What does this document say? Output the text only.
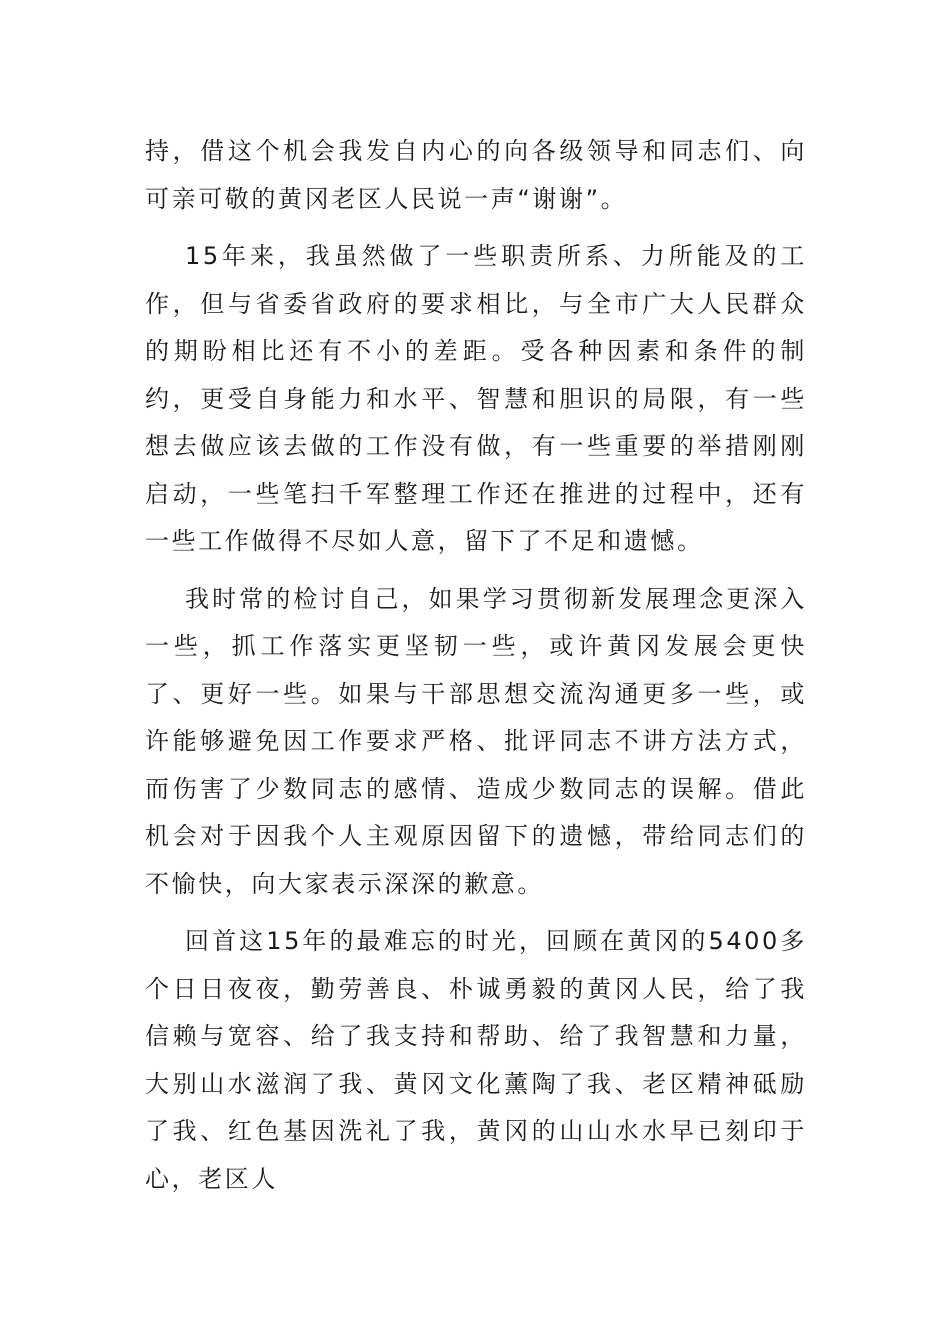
持，借这个机会我发自内心的向各级领导和同志们、向可亲可敬的黄冈老区人民说一声“谢谢”。

15年来，我虽然做了一些职责所系、力所能及的工作，但与省委省政府的要求相比，与全市广大人民群众的期盼相比还有不小的差距。受各种因素和条件的制约，更受自身能力和水平、智慧和胆识的局限，有一些想去做应该去做的工作没有做，有一些重要的举措刚刚启动，一些笔扫千军整理工作还在推进的过程中，还有一些工作做得不尽如人意，留下了不足和遗憾。

我时常的检讨自己，如果学习贯彻新发展理念更深入一些，抓工作落实更坚韧一些，或许黄冈发展会更快了、更好一些。如果与干部思想交流沟通更多一些，或许能够避免因工作要求严格、批评同志不讲方法方式，而伤害了少数同志的感情、造成少数同志的误解。借此机会对于因我个人主观原因留下的遗憾，带给同志们的不愉快，向大家表示深深的歉意。

回首这15年的最难忘的时光，回顾在黄冈的5400多个日日夜夜，勤劳善良、朴诚勇毅的黄冈人民，给了我信赖与宽容、给了我支持和帮助、给了我智慧和力量，大别山水滋润了我、黄冈文化薰陶了我、老区精神砥励了我、红色基因洗礼了我，黄冈的山山水水早已刻印于心，老区人
